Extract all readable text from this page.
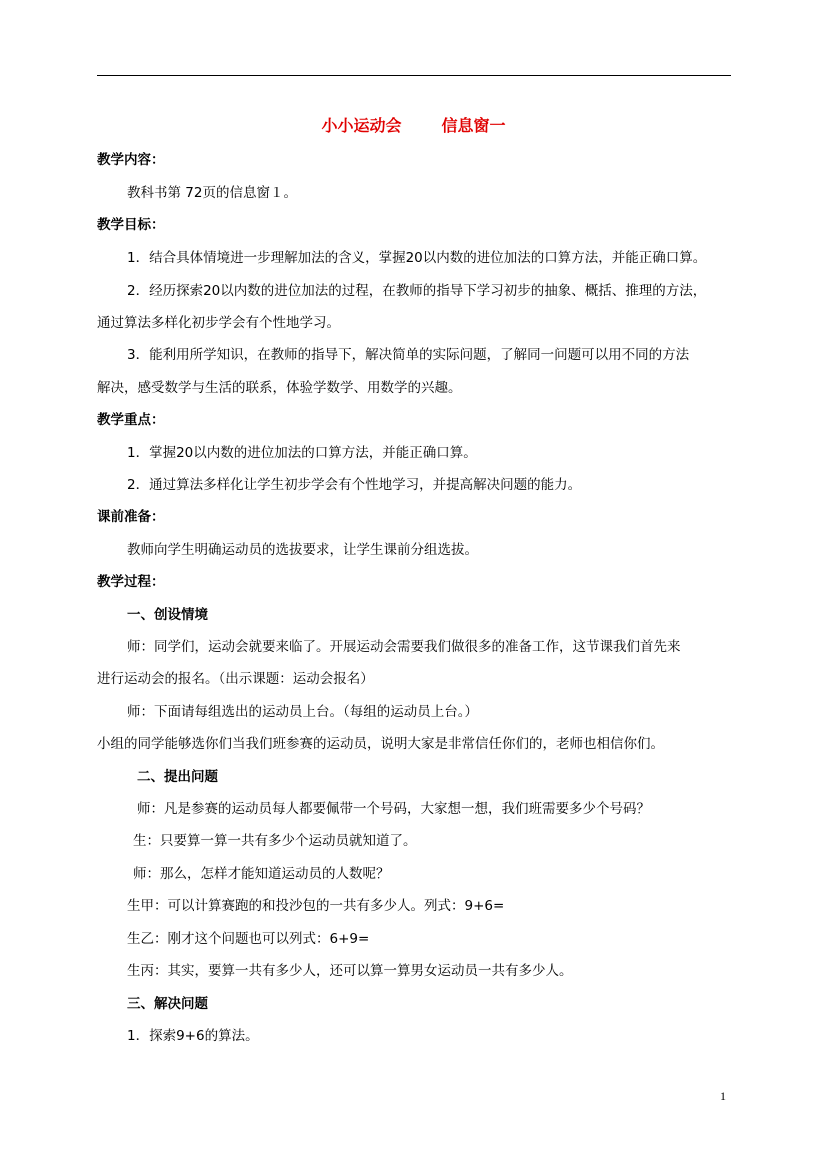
小小运动会	信息窗一
教学内容：
教科书第 72页的信息窗１。
教学目标：
1．结合具体情境进一步理解加法的含义，掌握20以内数的进位加法的口算方法，并能正确口算。
2．经历探索20以内数的进位加法的过程，在教师的指导下学习初步的抽象、概括、推理的方法，
通过算法多样化初步学会有个性地学习。
3．能利用所学知识，在教师的指导下，解决简单的实际问题，了解同一问题可以用不同的方法
解决，感受数学与生活的联系，体验学数学、用数学的兴趣。
教学重点：
1．掌握20以内数的进位加法的口算方法，并能正确口算。
2．通过算法多样化让学生初步学会有个性地学习，并提高解决问题的能力。
课前准备：
教师向学生明确运动员的选拔要求，让学生课前分组选拔。
教学过程：
一、创设情境
师：同学们，运动会就要来临了。开展运动会需要我们做很多的准备工作，这节课我们首先来
进行运动会的报名。（出示课题：运动会报名）
师：下面请每组选出的运动员上台。（每组的运动员上台。）
小组的同学能够选你们当我们班参赛的运动员，说明大家是非常信任你们的，老师也相信你们。
二、提出问题
师：凡是参赛的运动员每人都要佩带一个号码，大家想一想，我们班需要多少个号码？
生：只要算一算一共有多少个运动员就知道了。
师：那么，怎样才能知道运动员的人数呢？
生甲：可以计算赛跑的和投沙包的一共有多少人。列式：9+6=
生乙：刚才这个问题也可以列式：6+9=
生丙：其实，要算一共有多少人，还可以算一算男女运动员一共有多少人。
三、解决问题
1．探索9+6的算法。
1
